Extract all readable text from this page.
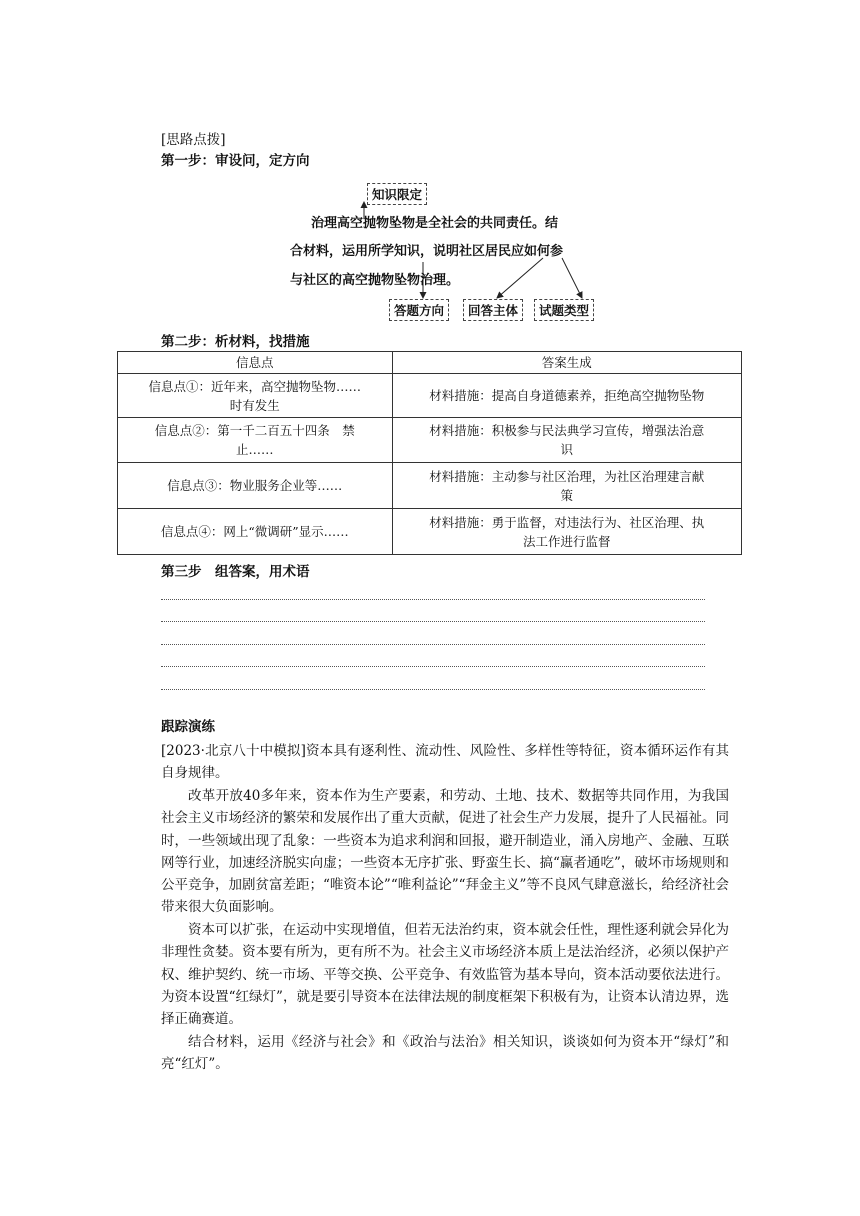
[思路点拨]
第一步：审设问，定方向
知识限定
治理高空抛物坠物是全社会的共同责任。结
合材料，运用所学知识，说明社区居民应如何参
与社区的高空抛物坠物治理。
答题方向	回答主体	试题类型
第二步：析材料，找措施
信息点	答案生成
信息点①：近年来，高空抛物坠物……
时有发生	材料措施：提高自身道德素养，拒绝高空抛物坠物
信息点②：第一千二百五十四条　禁
止……	材料措施：积极参与民法典学习宣传，增强法治意
识
信息点③：物业服务企业等……	材料措施：主动参与社区治理，为社区治理建言献
策
信息点④：网上“微调研”显示……	材料措施：勇于监督，对违法行为、社区治理、执
法工作进行监督
第三步　组答案，用术语
跟踪演练
[2023·北京八十中模拟]资本具有逐利性、流动性、风险性、多样性等特征，资本循环运作有其自身规律。
改革开放40多年来，资本作为生产要素，和劳动、土地、技术、数据等共同作用，为我国社会主义市场经济的繁荣和发展作出了重大贡献，促进了社会生产力发展，提升了人民福祉。同时，一些领域出现了乱象：一些资本为追求利润和回报，避开制造业，涌入房地产、金融、互联网等行业，加速经济脱实向虚；一些资本无序扩张、野蛮生长、搞“赢者通吃”，破坏市场规则和公平竞争，加剧贫富差距；“唯资本论”“唯利益论”“拜金主义”等不良风气肆意滋长，给经济社会带来很大负面影响。
资本可以扩张，在运动中实现增值，但若无法治约束，资本就会任性，理性逐利就会异化为非理性贪婪。资本要有所为，更有所不为。社会主义市场经济本质上是法治经济，必须以保护产权、维护契约、统一市场、平等交换、公平竞争、有效监管为基本导向，资本活动要依法进行。为资本设置“红绿灯”，就是要引导资本在法律法规的制度框架下积极有为，让资本认清边界，选择正确赛道。
结合材料，运用《经济与社会》和《政治与法治》相关知识，谈谈如何为资本开“绿灯”和亮“红灯”。
